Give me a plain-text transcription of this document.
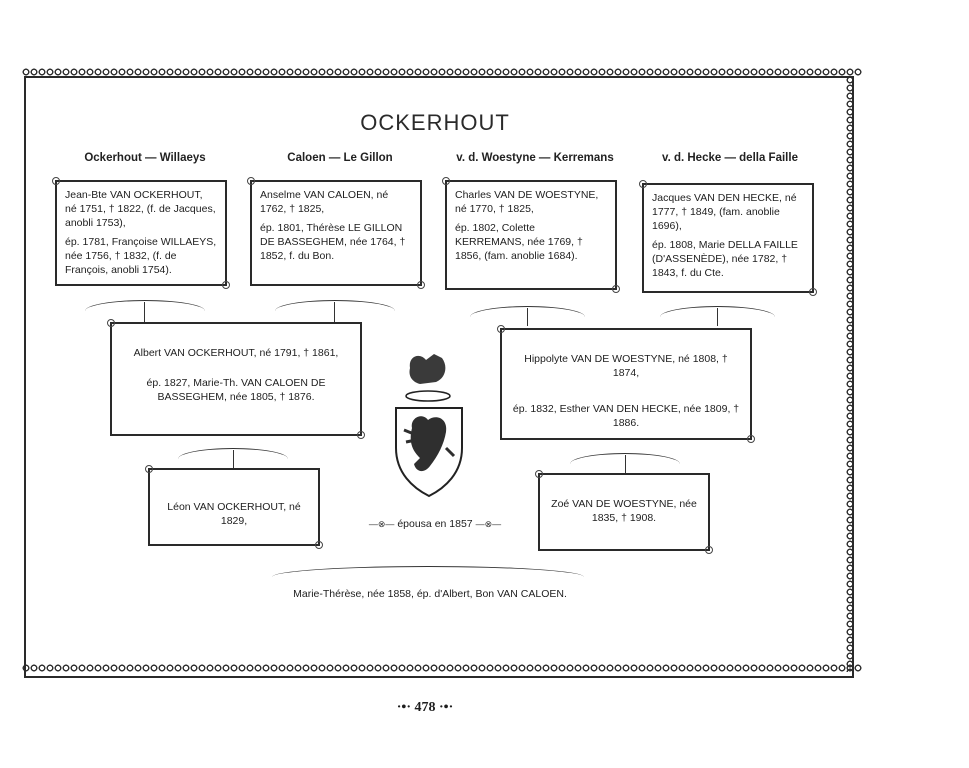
OCKERHOUT
Ockerhout — Willaeys	Caloen — Le Gillon	v. d. Woestyne — Kerremans	v. d. Hecke — della Faille

Jean-Bte VAN OCKERHOUT, né 1751, † 1822, (f. de Jacques, anobli 1753),

ép. 1781, Françoise WILLAEYS, née 1756, † 1832, (f. de François, anobli 1754).

Anselme VAN CALOEN, né 1762, † 1825,

ép. 1801, Thérèse LE GILLON DE BASSEGHEM, née 1764, † 1852, f. du Bon.

Charles VAN DE WOESTYNE, né 1770, † 1825,

ép. 1802, Colette KERREMANS, née 1769, † 1856, (fam. anoblie 1684).

Jacques VAN DEN HECKE, né 1777, † 1849, (fam. anoblie 1696),

ép. 1808, Marie DELLA FAILLE (D'ASSENÈDE), née 1782, † 1843, f. du Cte.

Albert VAN OCKERHOUT, né 1791, † 1861,

ép. 1827, Marie-Th. VAN CALOEN DE BASSEGHEM, née 1805, † 1876.

Hippolyte VAN DE WOESTYNE, né 1808, † 1874,

ép. 1832, Esther VAN DEN HECKE, née 1809, † 1886.

Léon VAN OCKERHOUT, né 1829,

Zoé VAN DE WOESTYNE, née 1835, † 1908.

—⊗— épousa en 1857 —⊗—
Marie-Thérèse, née 1858, ép. d'Albert, Bon VAN CALOEN.
·•· 478 ·•·
